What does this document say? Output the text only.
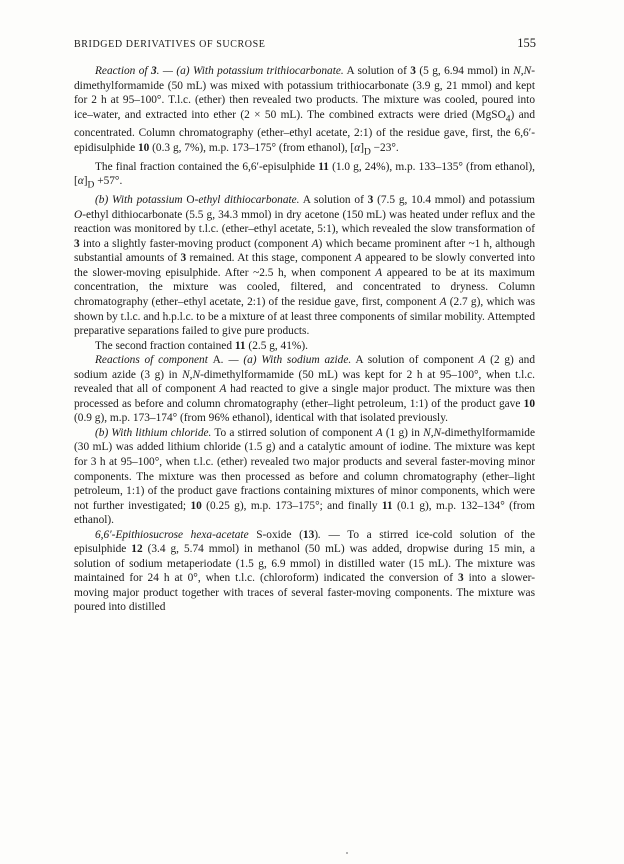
BRIDGED DERIVATIVES OF SUCROSE	155

Reaction of 3. — (a) With potassium trithiocarbonate. A solution of 3 (5 g, 6.94 mmol) in N,N-dimethylformamide (50 mL) was mixed with potassium trithiocarbonate (3.9 g, 21 mmol) and kept for 2 h at 95–100°. T.l.c. (ether) then revealed two products. The mixture was cooled, poured into ice–water, and extracted into ether (2 × 50 mL). The combined extracts were dried (MgSO$_4$) and concentrated. Column chromatography (ether–ethyl acetate, 2:1) of the residue gave, first, the 6,6′-epidisulphide 10 (0.3 g, 7%), m.p. 173–175° (from ethanol), $[\alpha]_D -23^\circ$.

The final fraction contained the 6,6′-episulphide 11 (1.0 g, 24%), m.p. 133–135° (from ethanol), $[\alpha]_D +57^\circ$.

(b) With potassium O-ethyl dithiocarbonate. A solution of 3 (7.5 g, 10.4 mmol) and potassium O-ethyl dithiocarbonate (5.5 g, 34.3 mmol) in dry acetone (150 mL) was heated under reflux and the reaction was monitored by t.l.c. (ether–ethyl acetate, 5:1), which revealed the slow transformation of 3 into a slightly faster-moving product (component A) which became prominent after ~1 h, although substantial amounts of 3 remained. At this stage, component A appeared to be slowly converted into the slower-moving episulphide. After ~2.5 h, when component A appeared to be at its maximum concentration, the mixture was cooled, filtered, and concentrated to dryness. Column chromatography (ether–ethyl acetate, 2:1) of the residue gave, first, component A (2.7 g), which was shown by t.l.c. and h.p.l.c. to be a mixture of at least three components of similar mobility. Attempted preparative separations failed to give pure products.

The second fraction contained 11 (2.5 g, 41%).

Reactions of component A. — (a) With sodium azide. A solution of component A (2 g) and sodium azide (3 g) in N,N-dimethylformamide (50 mL) was kept for 2 h at 95–100°, when t.l.c. revealed that all of component A had reacted to give a single major product. The mixture was then processed as before and column chromatography (ether–light petroleum, 1:1) of the product gave 10 (0.9 g), m.p. 173–174° (from 96% ethanol), identical with that isolated previously.

(b) With lithium chloride. To a stirred solution of component A (1 g) in N,N-dimethylformamide (30 mL) was added lithium chloride (1.5 g) and a catalytic amount of iodine. The mixture was kept for 3 h at 95–100°, when t.l.c. (ether) revealed two major products and several faster-moving minor components. The mixture was then processed as before and column chromatography (ether–light petroleum, 1:1) of the product gave fractions containing mixtures of minor components, which were not further investigated; 10 (0.25 g), m.p. 173–175°; and finally 11 (0.1 g), m.p. 132–134° (from ethanol).

6,6′-Epithiosucrose hexa-acetate S-oxide (13). — To a stirred ice-cold solution of the episulphide 12 (3.4 g, 5.74 mmol) in methanol (50 mL) was added, dropwise during 15 min, a solution of sodium metaperiodate (1.5 g, 6.9 mmol) in distilled water (15 mL). The mixture was maintained for 24 h at 0°, when t.l.c. (chloroform) indicated the conversion of 3 into a slower-moving major product together with traces of several faster-moving components. The mixture was poured into distilled
